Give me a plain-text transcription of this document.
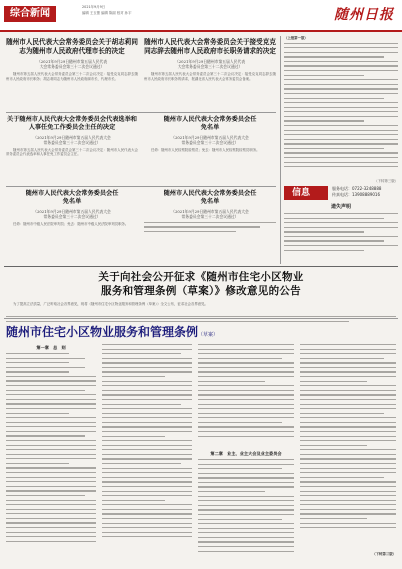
综合新闻
2021年9月9日
编辑 王玉蕾 编辑 陈丽 校对 孙宇	随州日报
随州市人民代表大会常务委员会关于胡志莉同志为随州市人民政府代理市长的决定
（2021年9月29日随州市第五届人民代表
大会常务委员会第三十二次会议通过）

随州市第五届人民代表大会常务委员会第三十二次会议决定：接受克克同志辞去随州市人民政府市长职务；胡志莉同志为随州市人民政府副市长、代理市长。

随州市人民代表大会常务委员会关于接受克克同志辞去随州市人民政府市长职务请求的决定
（2021年9月29日随州市第五届人民代表
大会常务委员会第三十二次会议通过）

随州市第五届人民代表大会常务委员会第三十二次会议决定：接受克克同志辞去随州市人民政府市长职务的请求，报湖北省人民代表大会常务委员会备案。

关于随州市人民代表大会常务委员会代表选举和人事任免工作委员会主任的决定
（2021年9月29日随州市第五届人民代表大会
常务委员会第三十二次会议通过）

随州市第五届人民代表大会常务委员会第三十二次会议决定：随州市人民代表大会常务委员会代表选举和人事任免工作委员会主任。

随州市人民代表大会常务委员会任免名单
（2021年9月29日随州市第五届人民代表大会
常务委员会第三十二次会议通过）

任命：随州市人民检察院检察员；免去：随州市人民检察院检察员职务。

随州市人民代表大会常务委员会任免名单
（2021年9月29日随州市第五届人民代表大会
常务委员会第三十二次会议通过）

任命：随州市中级人民法院审判员；免去：随州市中级人民法院审判员职务。

随州市人民代表大会常务委员会任免名单
（2021年9月29日随州市第五届人民代表大会
常务委员会第三十二次会议通过）
（上接第一版）
（下转第三版）
信息	服务电话：0722-3248888
传真电话：13908889016
遗失声明
关于向社会公开征求《随州市住宅小区物业
服务和管理条例（草案）》修改意见的公告

为了提高立法质量，广泛听取社会各界意见，现将《随州市住宅小区物业服务和管理条例（草案）》全文公布，征求社会各界意见。

随州市住宅小区物业服务和管理条例（草案）
第一章　总　则
第二章　业主、业主大会及业主委员会
（下转第三版）
